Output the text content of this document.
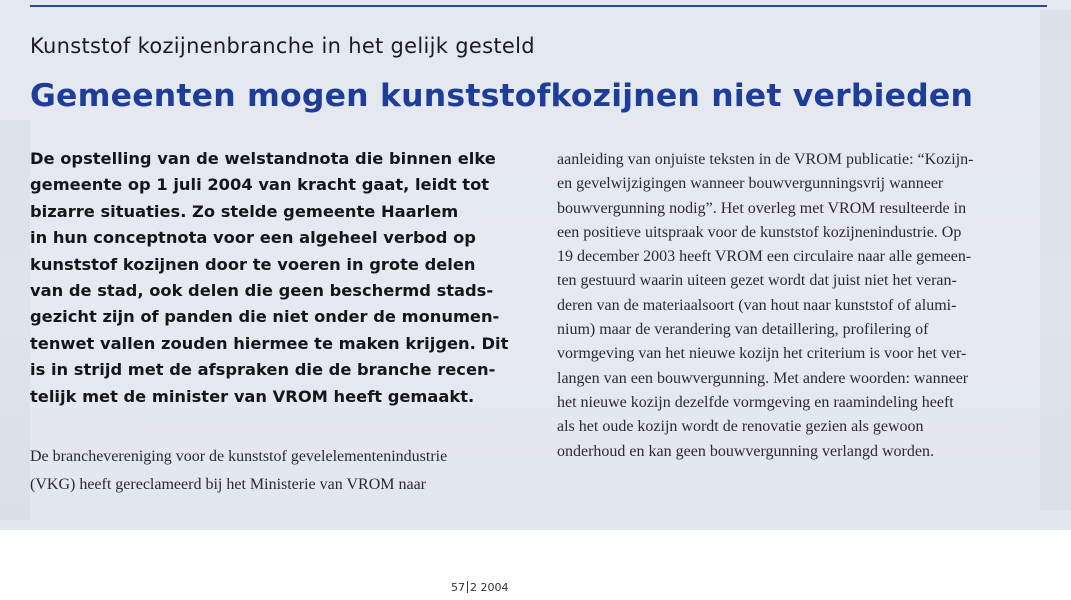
Kunststof kozijnenbranche in het gelijk gesteld
Gemeenten mogen kunststofkozijnen niet verbieden
De opstelling van de welstandnota die binnen elke
gemeente op 1 juli 2004 van kracht gaat, leidt tot
bizarre situaties. Zo stelde gemeente Haarlem
in hun conceptnota voor een algeheel verbod op
kunststof kozijnen door te voeren in grote delen
van de stad, ook delen die geen beschermd stads-
gezicht zijn of panden die niet onder de monumen-
tenwet vallen zouden hiermee te maken krijgen. Dit
is in strijd met de afspraken die de branche recen-
telijk met de minister van VROM heeft gemaakt.
De branchevereniging voor de kunststof gevelelementenindustrie
(VKG) heeft gereclameerd bij het Ministerie van VROM naar
aanleiding van onjuiste teksten in de VROM publicatie: “Kozijn-
en gevelwijzigingen wanneer bouwvergunningsvrij wanneer
bouwvergunning nodig”. Het overleg met VROM resulteerde in
een positieve uitspraak voor de kunststof kozijnenindustrie. Op
19 december 2003 heeft VROM een circulaire naar alle gemeen-
ten gestuurd waarin uiteen gezet wordt dat juist niet het veran-
deren van de materiaalsoort (van hout naar kunststof of alumi-
nium) maar de verandering van detaillering, profilering of
vormgeving van het nieuwe kozijn het criterium is voor het ver-
langen van een bouwvergunning. Met andere woorden: wanneer
het nieuwe kozijn dezelfde vormgeving en raamindeling heeft
als het oude kozijn wordt de renovatie gezien als gewoon
onderhoud en kan geen bouwvergunning verlangd worden.
57 2 2004
